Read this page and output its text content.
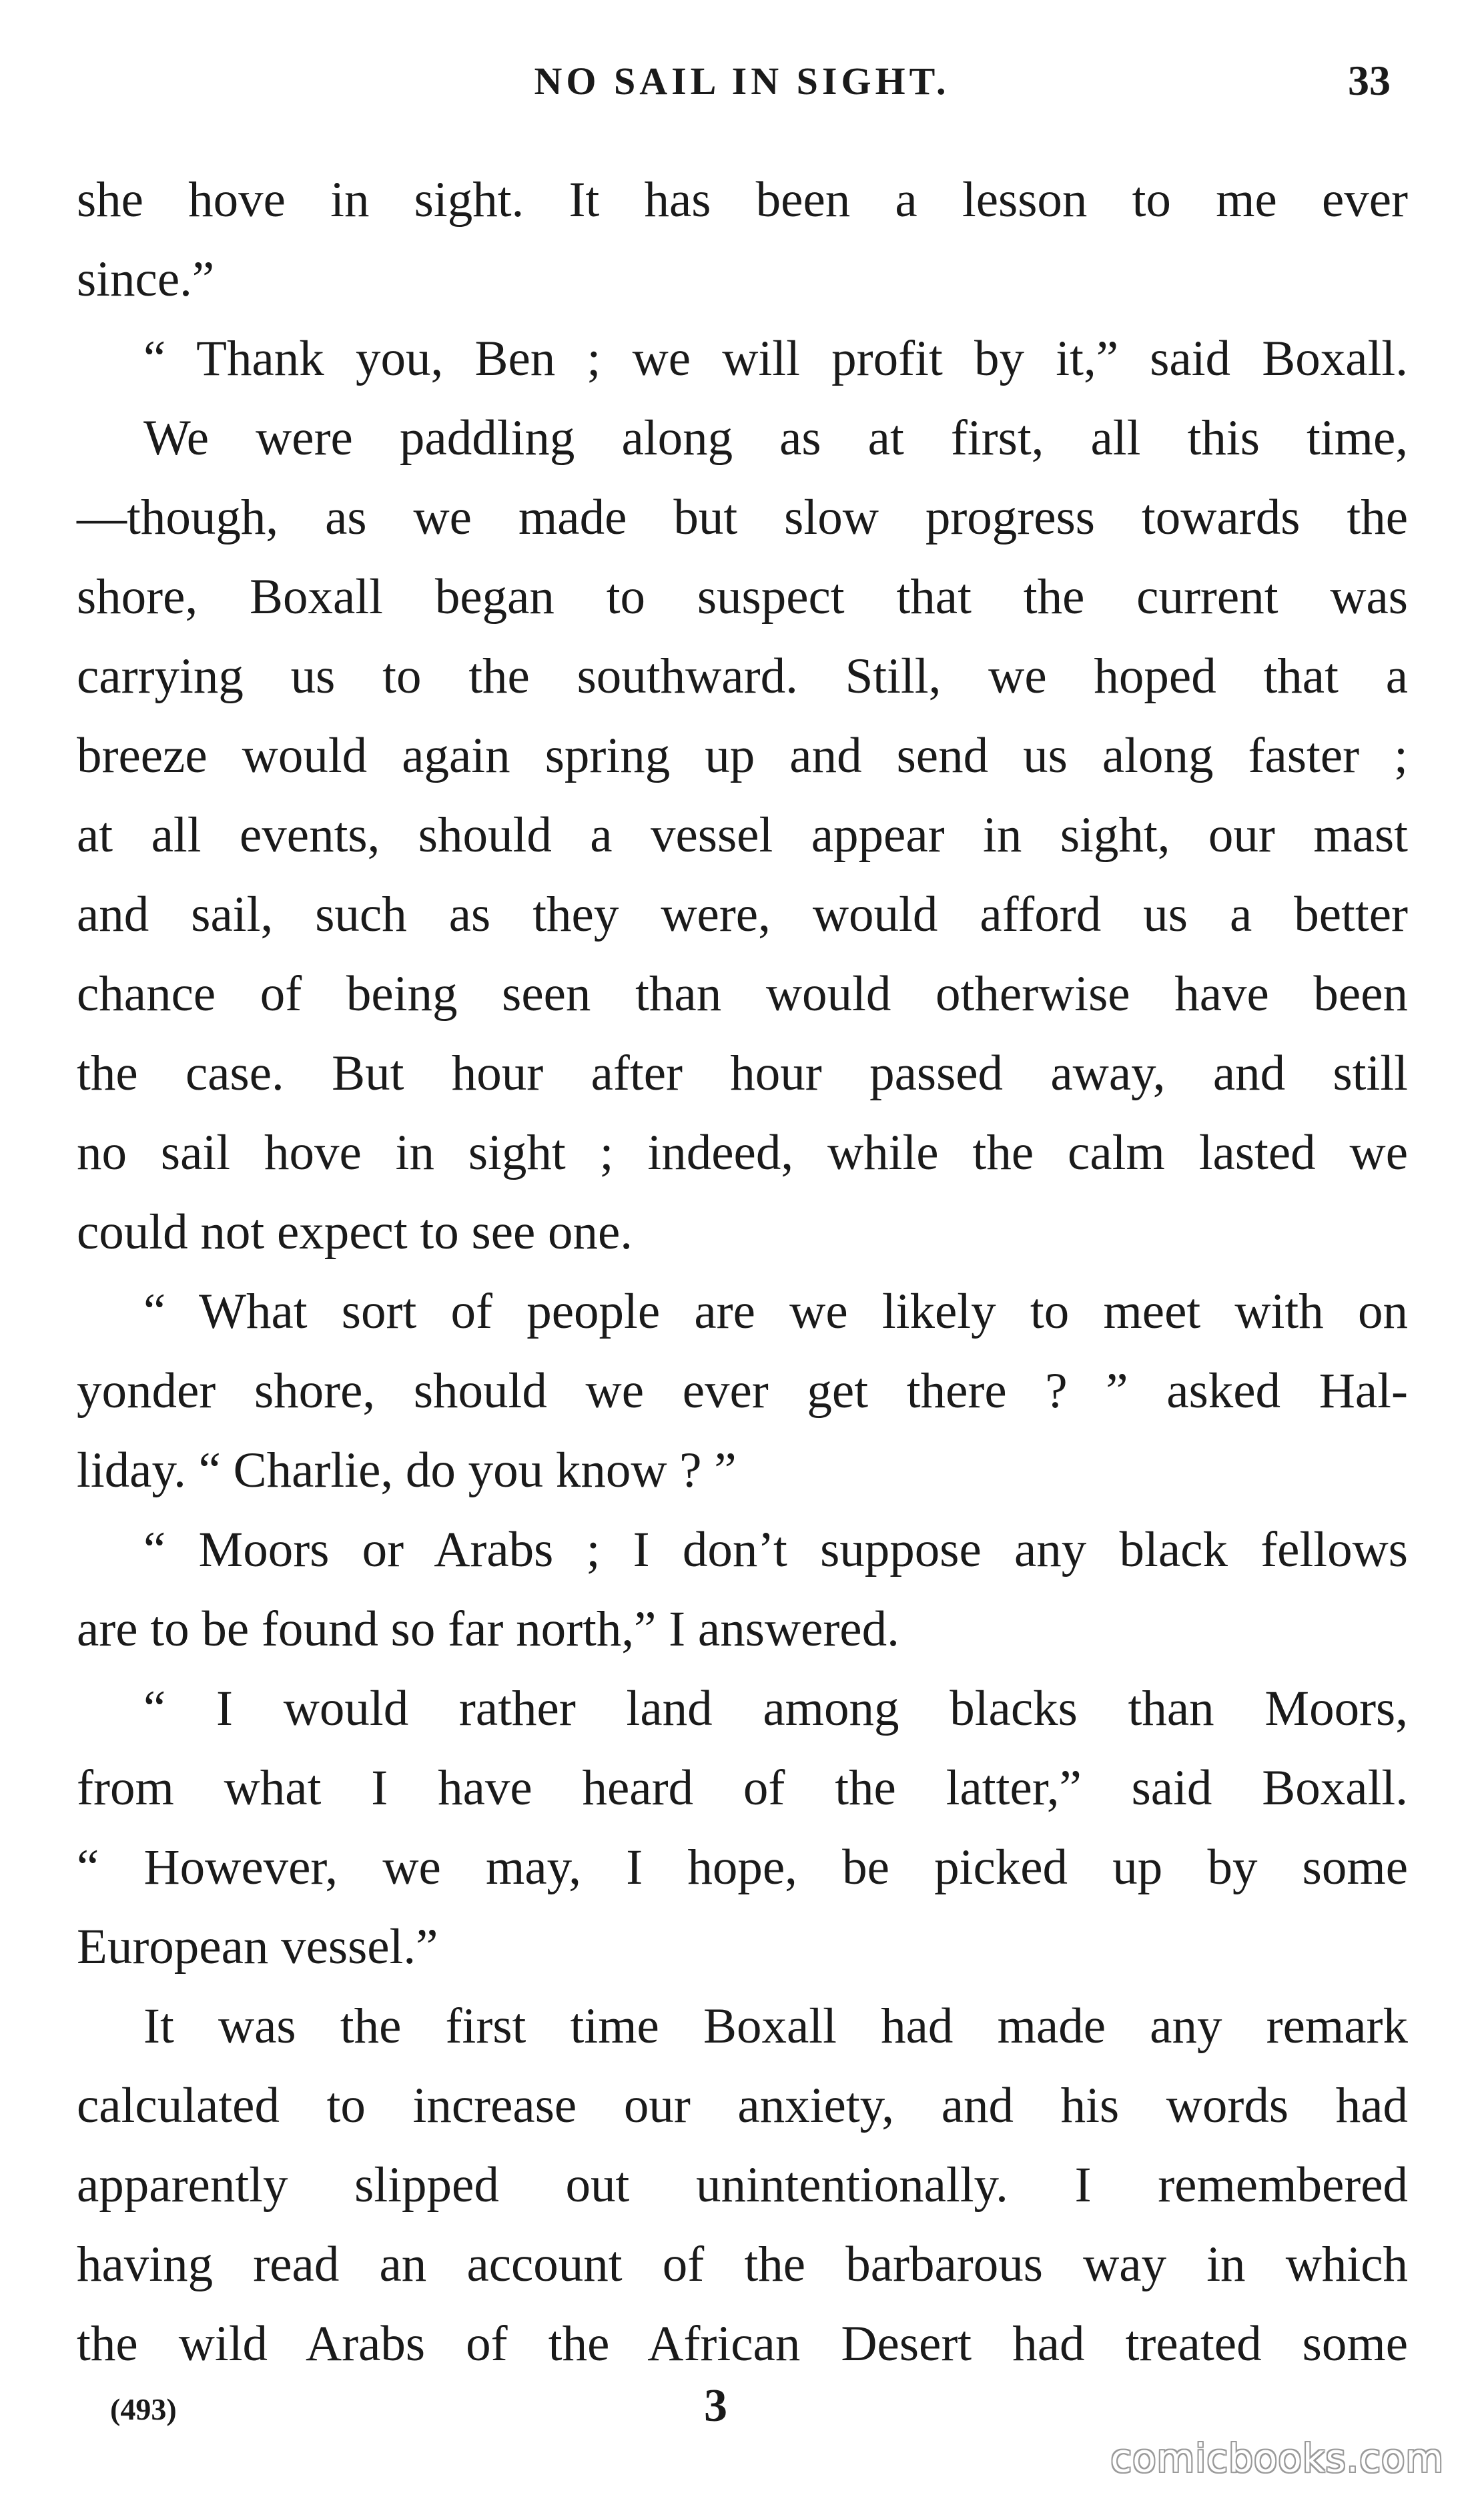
NO SAIL IN SIGHT.	33
she hove in sight. It has been a lesson to me ever
since.”
“ Thank you, Ben ; we will profit by it,” said Boxall.
We were paddling along as at first, all this time,
—though, as we made but slow progress towards the
shore, Boxall began to suspect that the current was
carrying us to the southward. Still, we hoped that a
breeze would again spring up and send us along faster ;
at all events, should a vessel appear in sight, our mast
and sail, such as they were, would afford us a better
chance of being seen than would otherwise have been
the case. But hour after hour passed away, and still
no sail hove in sight ; indeed, while the calm lasted we
could not expect to see one.
“ What sort of people are we likely to meet with on
yonder shore, should we ever get there ? ” asked Hal-
liday. “ Charlie, do you know ? ”
“ Moors or Arabs ; I don’t suppose any black fellows
are to be found so far north,” I answered.
“ I would rather land among blacks than Moors,
from what I have heard of the latter,” said Boxall.
“ However, we may, I hope, be picked up by some
European vessel.”
It was the first time Boxall had made any remark
calculated to increase our anxiety, and his words had
apparently slipped out unintentionally. I remembered
having read an account of the barbarous way in which
the wild Arabs of the African Desert had treated some
(493)	3
comicbooks.com
